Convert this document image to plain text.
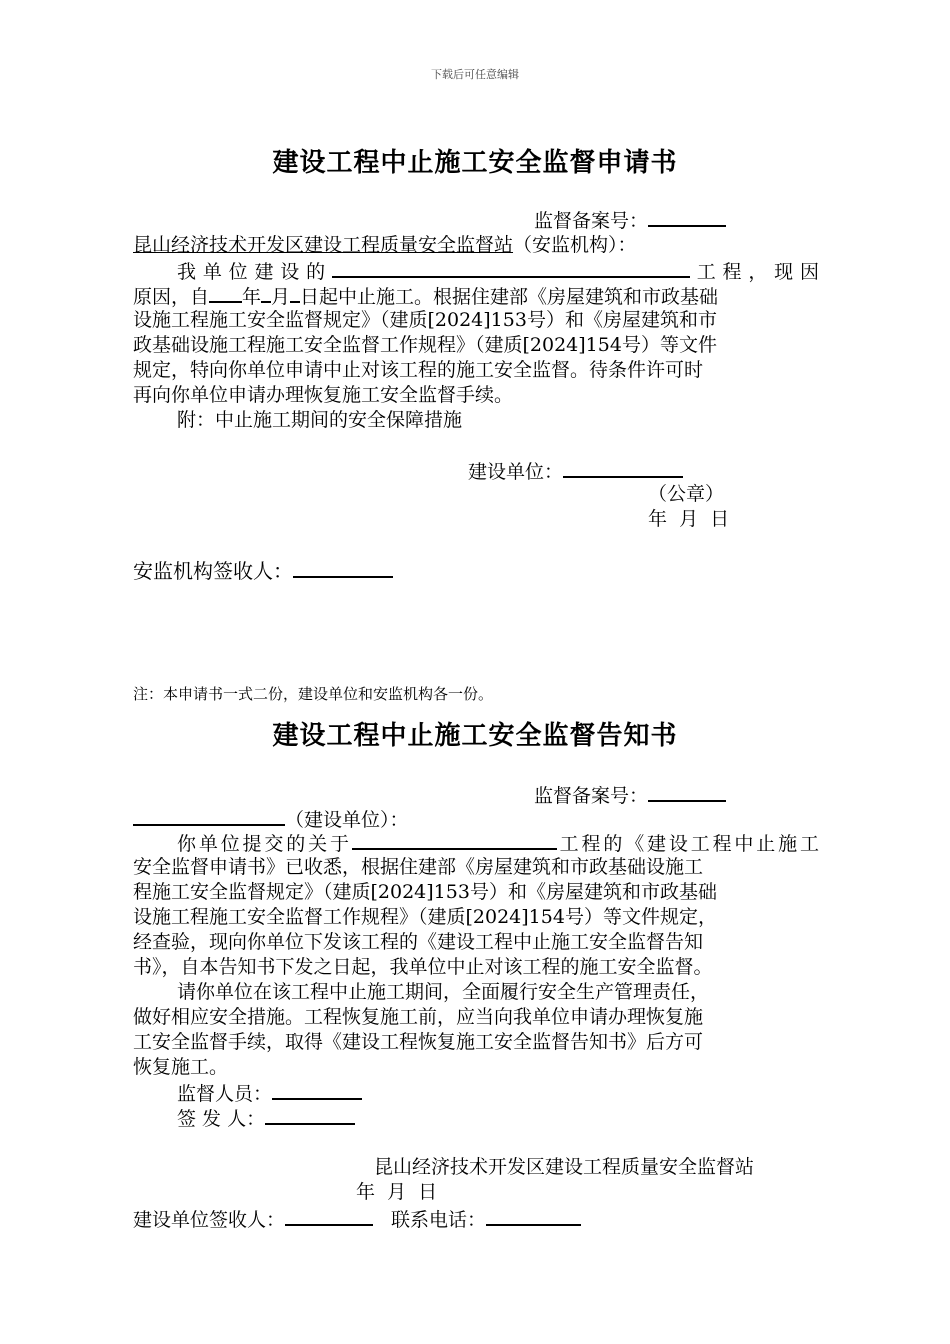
下载后可任意编辑
建设工程中止施工安全监督申请书
监督备案号：
昆山经济技术开发区建设工程质量安全监督站（安监机构）：
我单位建设的	工程，现因
原因，自 年 月 日起中止施工。根据住建部《房屋建筑和市政基础
设施工程施工安全监督规定》（建质[2024]153号）和《房屋建筑和市
政基础设施工程施工安全监督工作规程》（建质[2024]154号）等文件
规定，特向你单位申请中止对该工程的施工安全监督。待条件许可时
再向你单位申请办理恢复施工安全监督手续。
附：中止施工期间的安全保障措施
建设单位：
（公章）
年  月  日
安监机构签收人：
注：本申请书一式二份，建设单位和安监机构各一份。
建设工程中止施工安全监督告知书
监督备案号：
（建设单位）：
你单位提交的关于	工程的《建设工程中止施工
安全监督申请书》已收悉，根据住建部《房屋建筑和市政基础设施工
程施工安全监督规定》（建质[2024]153号）和《房屋建筑和市政基础
设施工程施工安全监督工作规程》（建质[2024]154号）等文件规定，
经查验，现向你单位下发该工程的《建设工程中止施工安全监督告知
书》，自本告知书下发之日起，我单位中止对该工程的施工安全监督。
请你单位在该工程中止施工期间，全面履行安全生产管理责任，
做好相应安全措施。工程恢复施工前，应当向我单位申请办理恢复施
工安全监督手续，取得《建设工程恢复施工安全监督告知书》后方可
恢复施工。
监督人员：
签 发 人：
昆山经济技术开发区建设工程质量安全监督站
年  月  日
建设单位签收人：	联系电话：
